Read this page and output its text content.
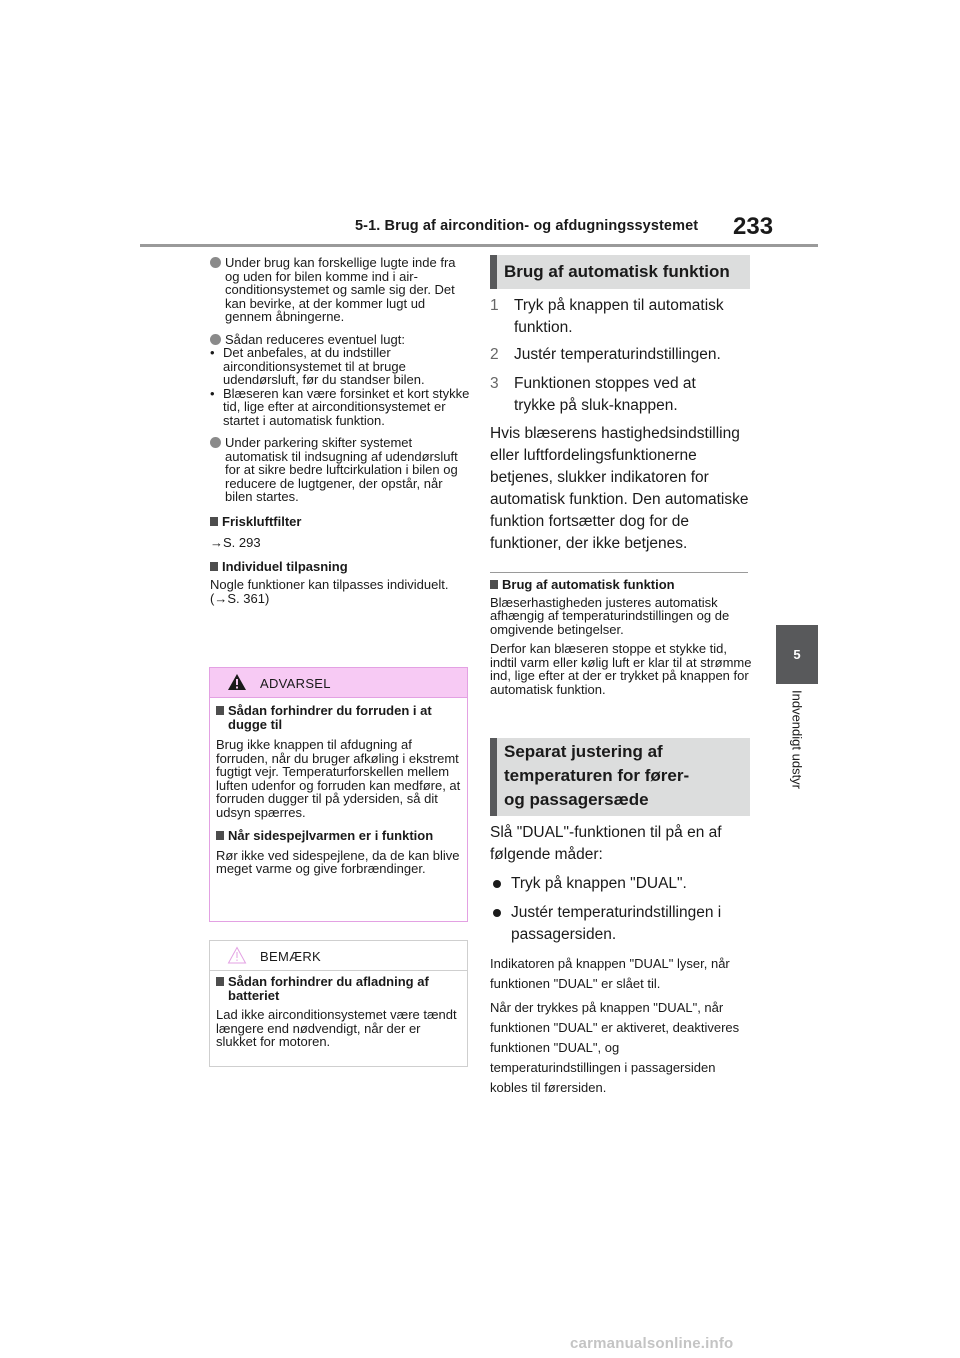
5-1. Brug af aircondition- og afdugningssystemet 233
5
Indvendigt udstyr
Under brug kan forskellige lugte inde fra og uden for bilen komme ind i air-conditionsystemet og samle sig der. Det kan bevirke, at der kommer lugt ud gennem åbningerne.
Sådan reduceres eventuel lugt:
• Det anbefales, at du indstiller airconditionsystemet til at bruge udendørsluft, før du standser bilen.
• Blæseren kan være forsinket et kort stykke tid, lige efter at airconditionsystemet er startet i automatisk funktion.
Under parkering skifter systemet automatisk til indsugning af udendørsluft for at sikre bedre luftcirkulation i bilen og reducere de lugtgener, der opstår, når bilen startes.
Friskluftfilter
→S. 293
Individuel tilpasning
Nogle funktioner kan tilpasses individuelt. (→S. 361)
ADVARSEL
Sådan forhindrer du forruden i at dugge til
Brug ikke knappen til afdugning af forruden, når du bruger afkøling i ekstremt fugtigt vejr. Temperaturforskellen mellem luften udenfor og forruden kan medføre, at forruden dugger til på ydersiden, så dit udsyn spærres.
Når sidespejlvarmen er i funktion
Rør ikke ved sidespejlene, da de kan blive meget varme og give forbrændinger.
BEMÆRK
Sådan forhindrer du afladning af batteriet
Lad ikke airconditionsystemet være tændt længere end nødvendigt, når der er slukket for motoren.
Brug af automatisk funktion
1 Tryk på knappen til automatisk funktion.
2 Justér temperaturindstillingen.
3 Funktionen stoppes ved at trykke på sluk-knappen.
Hvis blæserens hastighedsindstilling eller luftfordelingsfunktionerne betjenes, slukker indikatoren for automatisk funktion. Den automatiske funktion fortsætter dog for de funktioner, der ikke betjenes.
Brug af automatisk funktion
Blæserhastigheden justeres automatisk afhængig af temperaturindstillingen og de omgivende betingelser.
Derfor kan blæseren stoppe et stykke tid, indtil varm eller kølig luft er klar til at strømme ind, lige efter at der er trykket på knappen for automatisk funktion.
Separat justering af
temperaturen for fører-
og passagersæde
Slå "DUAL"-funktionen til på en af følgende måder:
Tryk på knappen "DUAL".
Justér temperaturindstillingen i passagersiden.
Indikatoren på knappen "DUAL" lyser, når funktionen "DUAL" er slået til.
Når der trykkes på knappen "DUAL", når funktionen "DUAL" er aktiveret, deaktiveres funktionen "DUAL", og temperaturindstillingen i passagersiden kobles til førersiden.
carmanualsonline.info
